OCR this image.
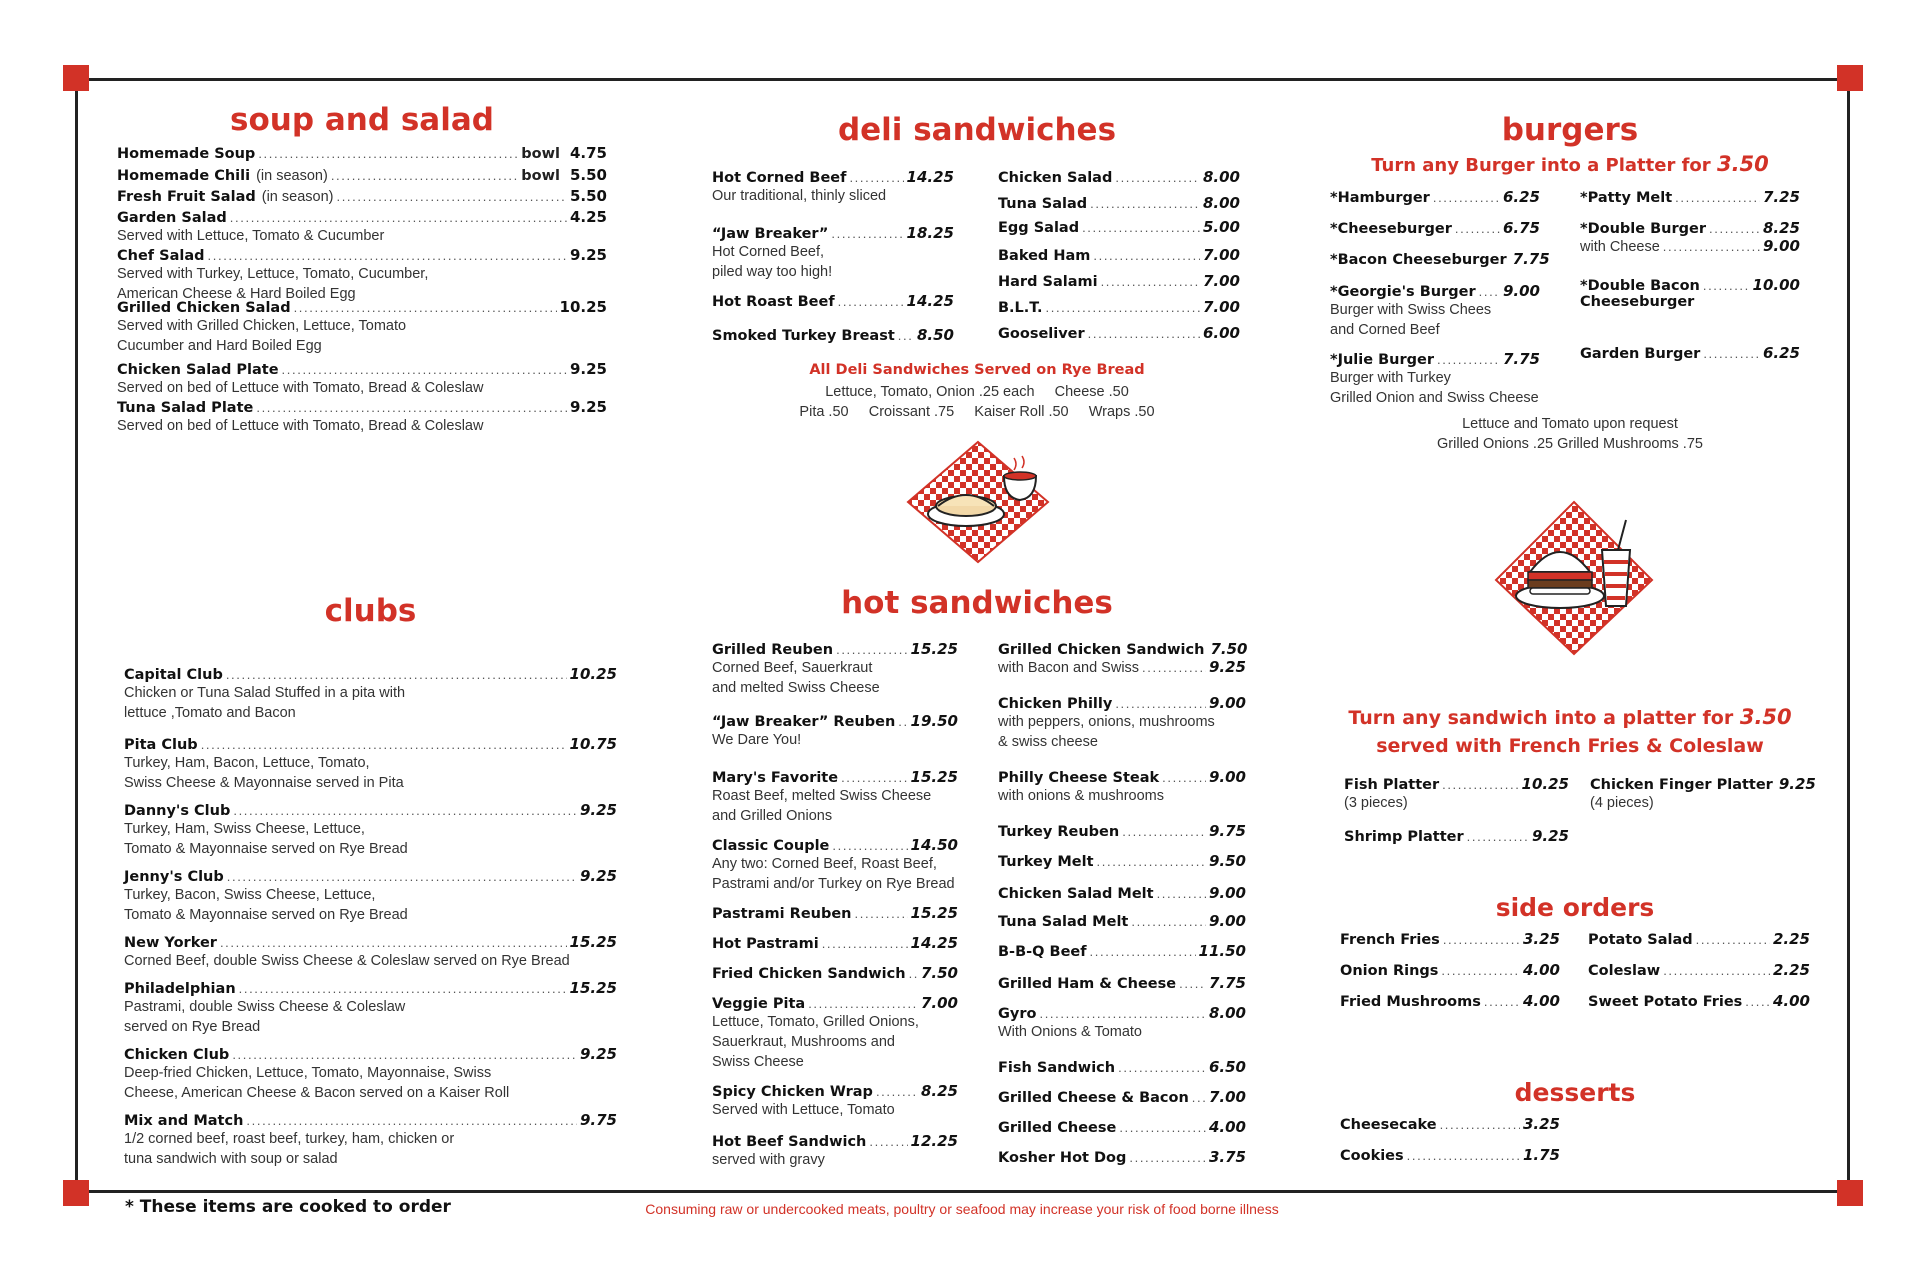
soup and salad
Homemade Soup . . .	bowl 4.75
Homemade Chili (in season) . . .	bowl 5.50
Fresh Fruit Salad (in season) . . .	5.50
Garden Salad . . .	4.25
Served with Lettuce, Tomato & Cucumber
Chef Salad . . .	9.25
Served with Turkey, Lettuce, Tomato, Cucumber,
American Cheese & Hard Boiled Egg
Grilled Chicken Salad . . .	10.25
Served with Grilled Chicken, Lettuce, Tomato
Cucumber and Hard Boiled Egg
Chicken Salad Plate . . .	9.25
Served on bed of Lettuce with Tomato, Bread & Coleslaw
Tuna Salad Plate . . .	9.25
Served on bed of Lettuce with Tomato, Bread & Coleslaw
clubs
Capital Club . . .	10.25
Chicken or Tuna Salad Stuffed in a pita with
lettuce ,Tomato and Bacon
Pita Club . . .	10.75
Turkey, Ham, Bacon, Lettuce, Tomato,
Swiss Cheese & Mayonnaise served in Pita
Danny's Club . . .	9.25
Turkey, Ham, Swiss Cheese, Lettuce,
Tomato & Mayonnaise served on Rye Bread
Jenny's Club . . .	9.25
Turkey, Bacon, Swiss Cheese, Lettuce,
Tomato & Mayonnaise served on Rye Bread
New Yorker . . .	15.25
Corned Beef, double Swiss Cheese & Coleslaw served on Rye Bread
Philadelphian . . .	15.25
Pastrami, double Swiss Cheese & Coleslaw
served on Rye Bread
Chicken Club . . .	9.25
Deep-fried Chicken, Lettuce, Tomato, Mayonnaise, Swiss
Cheese, American Cheese & Bacon served on a Kaiser Roll
Mix and Match . . .	9.75
1/2 corned beef, roast beef, turkey, ham, chicken or
tuna sandwich with soup or salad
deli sandwiches
Hot Corned Beef . . .	14.25
Our traditional, thinly sliced
“Jaw Breaker” . . .	18.25
Hot Corned Beef,
piled way too high!
Hot Roast Beef . . .	14.25
Smoked Turkey Breast . . . 8.50
Chicken Salad . . .	8.00
Tuna Salad . . .	8.00
Egg Salad . . .	5.00
Baked Ham . . .	7.00
Hard Salami . . .	7.00
B.L.T. . . .	7.00
Gooseliver . . .	6.00
All Deli Sandwiches Served on Rye Bread
Lettuce, Tomato, Onion .25 each     Cheese .50
Pita .50     Croissant .75     Kaiser Roll .50     Wraps .50
hot sandwiches
Grilled Reuben . . .	15.25
Corned Beef, Sauerkraut
and melted Swiss Cheese
“Jaw Breaker” Reuben . . . 19.50
We Dare You!
Mary's Favorite . . .	15.25
Roast Beef, melted Swiss Cheese
and Grilled Onions
Classic Couple . . .	14.50
Any two: Corned Beef, Roast Beef,
Pastrami and/or Turkey on Rye Bread
Pastrami Reuben . . .	15.25
Hot Pastrami . . .	14.25
Fried Chicken Sandwich . . . 7.50
Veggie Pita . . .	7.00
Lettuce, Tomato, Grilled Onions,
Sauerkraut, Mushrooms and
Swiss Cheese
Spicy Chicken Wrap . . .	8.25
Served with Lettuce, Tomato
Hot Beef Sandwich . . .	12.25
served with gravy
Grilled Chicken Sandwich 7.50
with Bacon and Swiss . . .	9.25
Chicken Philly . . .	9.00
with peppers, onions, mushrooms
& swiss cheese
Philly Cheese Steak . . .	9.00
with onions & mushrooms
Turkey Reuben . . .	9.75
Turkey Melt . . .	9.50
Chicken Salad Melt . . .	9.00
Tuna Salad Melt . . .	9.00
B-B-Q Beef . . .	11.50
Grilled Ham & Cheese . . . 7.75
Gyro . . .	8.00
With Onions & Tomato
Fish Sandwich . . .	6.50
Grilled Cheese & Bacon . . . 7.00
Grilled Cheese . . .	4.00
Kosher Hot Dog . . .	3.75
burgers
Turn any Burger into a Platter for 3.50
*Hamburger . . .	6.25
*Cheeseburger . . .	6.75
*Bacon Cheeseburger 7.75
*Georgie's Burger . . . 9.00
Burger with Swiss Chees
and Corned Beef
*Julie Burger . . .	7.75
Burger with Turkey
Grilled Onion and Swiss Cheese
*Patty Melt . . .	7.25
*Double Burger . . .	8.25
with Cheese . . .	9.00
*Double Bacon . . .	10.00
Cheeseburger
Garden Burger . . .	6.25
Lettuce and Tomato upon request
Grilled Onions .25 Grilled Mushrooms .75
Turn any sandwich into a platter for 3.50
served with French Fries & Coleslaw
Fish Platter . . .	10.25
(3 pieces)
Chicken Finger Platter 9.25
(4 pieces)
Shrimp Platter . . .	9.25
side orders
French Fries . . .	3.25
Onion Rings . . .	4.00
Fried Mushrooms . . .	4.00
Potato Salad . . .	2.25
Coleslaw . . .	2.25
Sweet Potato Fries . . . 4.00
desserts
Cheesecake . . .	3.25
Cookies . . .	1.75
* These items are cooked to order	Consuming raw or undercooked meats, poultry or seafood may increase your risk of food borne illness
